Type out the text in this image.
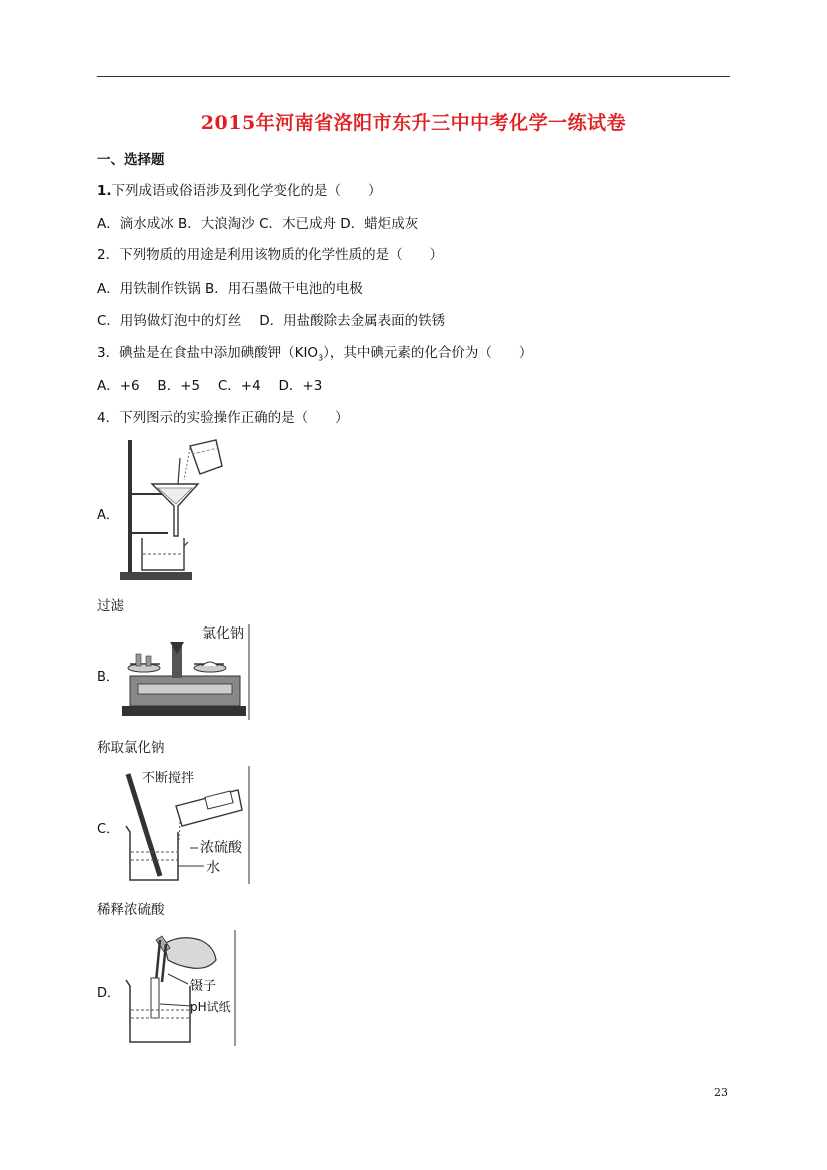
2015年河南省洛阳市东升三中中考化学一练试卷
一、选择题
1.下列成语或俗语涉及到化学变化的是（　　）
A．滴水成冰 B．大浪淘沙 C．木已成舟 D．蜡炬成灰
2．下列物质的用途是利用该物质的化学性质的是（　　）
A．用铁制作铁锅 B．用石墨做干电池的电极
C．用钨做灯泡中的灯丝　 D．用盐酸除去金属表面的铁锈
3．碘盐是在食盐中添加碘酸钾$(KIO_3)$，其中碘元素的化合价为（　　）
A．+6　 B．+5　 C．+4　 D．+3
4．下列图示的实验操作正确的是（　　）
A．
过滤
B．
氯化钠
称取氯化钠
C．
不断搅拌
浓硫酸
水
稀释浓硫酸
D．	镊子
pH试纸
23
